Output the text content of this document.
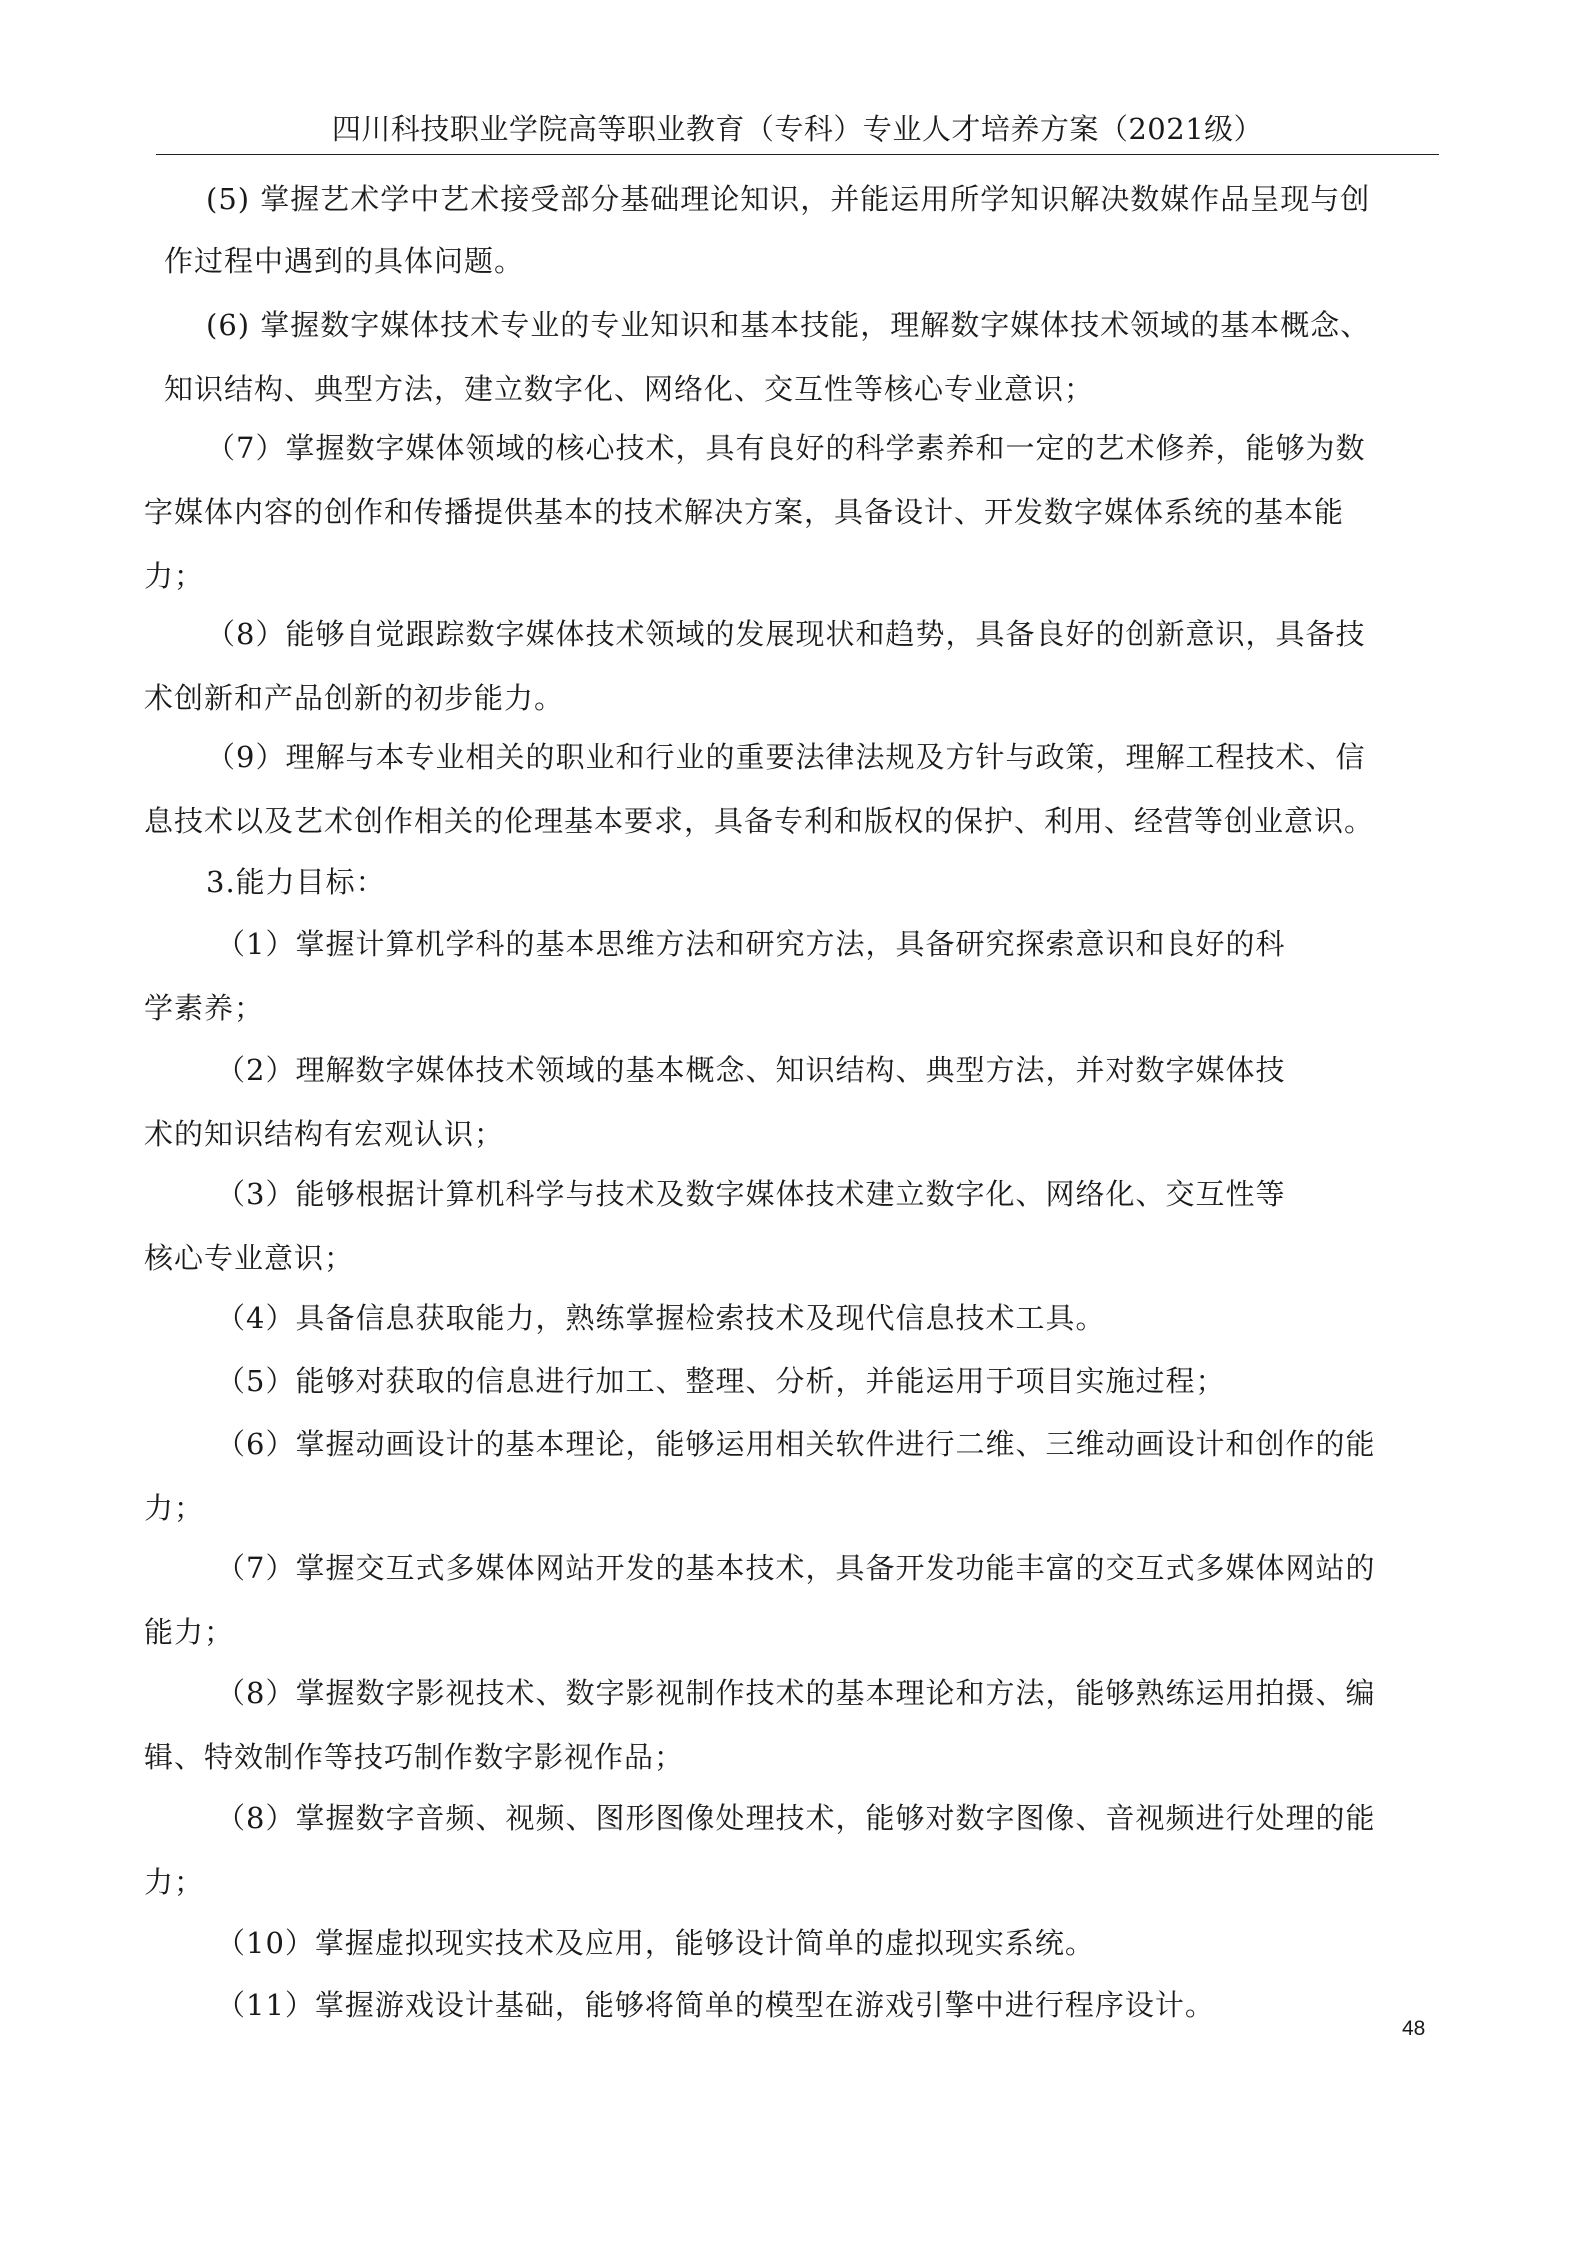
四川科技职业学院高等职业教育（专科）专业人才培养方案（2021级）
(5) 掌握艺术学中艺术接受部分基础理论知识，并能运用所学知识解决数媒作品呈现与创
作过程中遇到的具体问题。
(6) 掌握数字媒体技术专业的专业知识和基本技能，理解数字媒体技术领域的基本概念、
知识结构、典型方法，建立数字化、网络化、交互性等核心专业意识；
（7）掌握数字媒体领域的核心技术，具有良好的科学素养和一定的艺术修养，能够为数
字媒体内容的创作和传播提供基本的技术解决方案，具备设计、开发数字媒体系统的基本能
力；
（8）能够自觉跟踪数字媒体技术领域的发展现状和趋势，具备良好的创新意识，具备技
术创新和产品创新的初步能力。
（9）理解与本专业相关的职业和行业的重要法律法规及方针与政策，理解工程技术、信
息技术以及艺术创作相关的伦理基本要求，具备专利和版权的保护、利用、经营等创业意识。
3.能力目标：
（1）掌握计算机学科的基本思维方法和研究方法，具备研究探索意识和良好的科
学素养；
（2）理解数字媒体技术领域的基本概念、知识结构、典型方法，并对数字媒体技
术的知识结构有宏观认识；
（3）能够根据计算机科学与技术及数字媒体技术建立数字化、网络化、交互性等
核心专业意识；
（4）具备信息获取能力，熟练掌握检索技术及现代信息技术工具。
（5）能够对获取的信息进行加工、整理、分析，并能运用于项目实施过程；
（6）掌握动画设计的基本理论，能够运用相关软件进行二维、三维动画设计和创作的能
力；
（7）掌握交互式多媒体网站开发的基本技术，具备开发功能丰富的交互式多媒体网站的
能力；
（8）掌握数字影视技术、数字影视制作技术的基本理论和方法，能够熟练运用拍摄、编
辑、特效制作等技巧制作数字影视作品；
（8）掌握数字音频、视频、图形图像处理技术，能够对数字图像、音视频进行处理的能
力；
（10）掌握虚拟现实技术及应用，能够设计简单的虚拟现实系统。
（11）掌握游戏设计基础，能够将简单的模型在游戏引擎中进行程序设计。
48
